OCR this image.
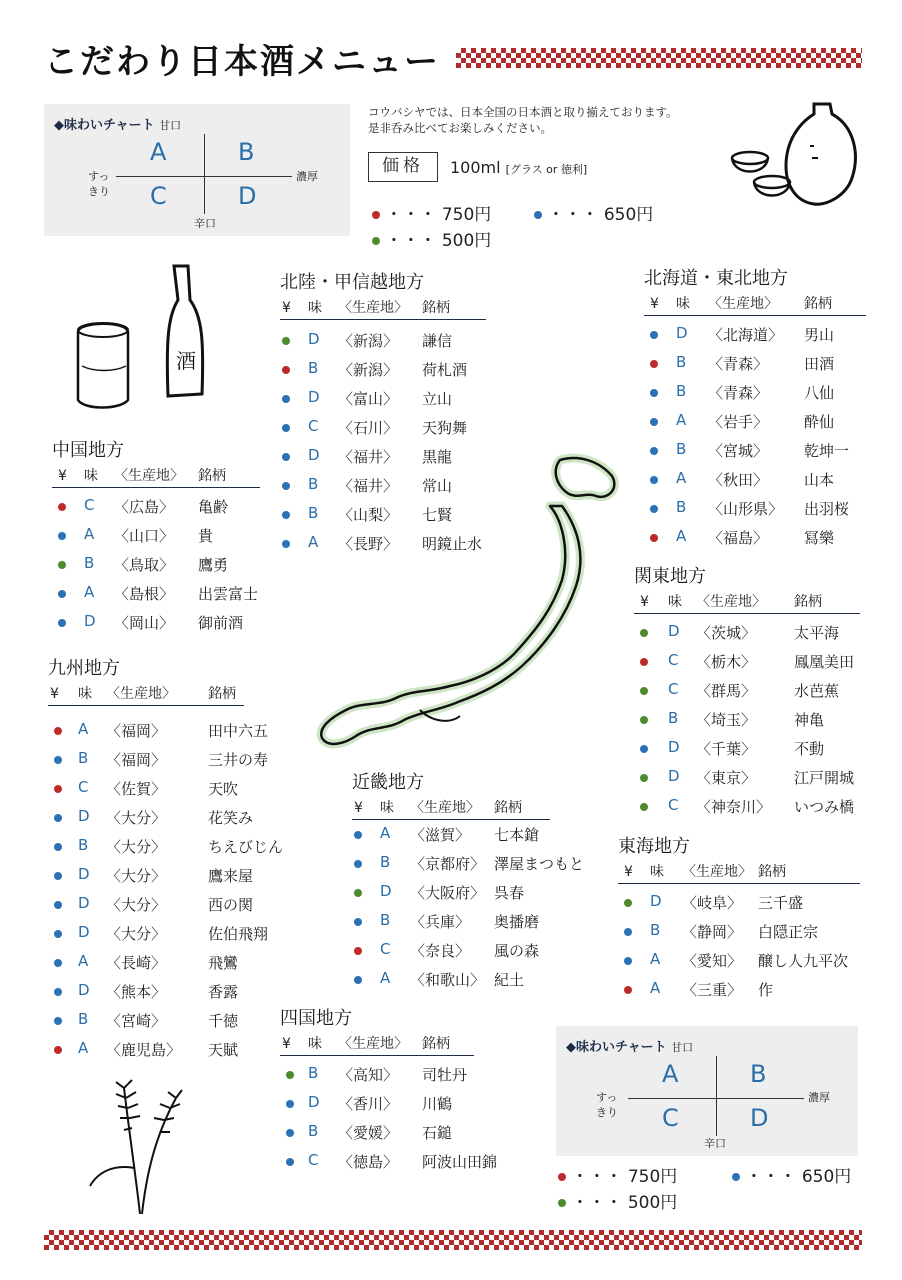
こだわり日本酒メニュー
◆味わいチャート 甘口
A	B
C	D
すっ
きり
濃厚
辛口
コウバシヤでは、日本全国の日本酒と取り揃えております。
是非呑み比べてお楽しみください。
価格	100ml [グラス or 徳利]
・・・ 750円	・・・ 650円
・・・ 500円
酒
北陸・甲信越地方
¥ 味 〈生産地〉 銘柄
D 〈新潟〉 謙信
B 〈新潟〉 荷札酒
D 〈富山〉 立山
C 〈石川〉 天狗舞
D 〈福井〉 黒龍
B 〈福井〉 常山
B 〈山梨〉 七賢
A 〈長野〉 明鏡止水
北海道・東北地方
¥ 味 〈生産地〉 銘柄
D 〈北海道〉 男山
B 〈青森〉 田酒
B 〈青森〉 八仙
A 〈岩手〉 酔仙
B 〈宮城〉 乾坤一
A 〈秋田〉 山本
B 〈山形県〉 出羽桜
A 〈福島〉 冩樂
中国地方
¥ 味 〈生産地〉 銘柄
C 〈広島〉 亀齢
A 〈山口〉 貴
B 〈鳥取〉 鷹勇
A 〈島根〉 出雲富士
D 〈岡山〉 御前酒
九州地方
¥ 味 〈生産地〉 銘柄
A 〈福岡〉	田中六五
B 〈福岡〉	三井の寿
C 〈佐賀〉	天吹
D 〈大分〉	花笑み
B 〈大分〉	ちえびじん
D 〈大分〉	鷹来屋
D 〈大分〉	西の関
D 〈大分〉	佐伯飛翔
A 〈長崎〉	飛鸞
D 〈熊本〉	香露
B 〈宮崎〉	千徳
A 〈鹿児島〉 天賦
関東地方
¥ 味 〈生産地〉 銘柄
D 〈茨城〉	太平海
C 〈栃木〉	鳳凰美田
C 〈群馬〉	水芭蕉
B 〈埼玉〉	神亀
D 〈千葉〉	不動
D 〈東京〉	江戸開城
C 〈神奈川〉 いつみ橋
近畿地方
¥ 味 〈生産地〉 銘柄
A 〈滋賀〉 七本鎗
B 〈京都府〉 澤屋まつもと
D 〈大阪府〉 呉春
B 〈兵庫〉 奥播磨
C 〈奈良〉 風の森
A 〈和歌山〉 紀土
東海地方
¥ 味 〈生産地〉 銘柄
D 〈岐阜〉 三千盛
B 〈静岡〉 白隠正宗
A 〈愛知〉 醸し人九平次
A 〈三重〉 作
四国地方
¥ 味 〈生産地〉 銘柄
B 〈高知〉 司牡丹
D 〈香川〉 川鶴
B 〈愛媛〉 石鎚
C 〈徳島〉 阿波山田錦
◆味わいチャート 甘口
A	B
C	D
すっ
きり
濃厚
辛口
・・・ 750円	・・・ 650円
・・・ 500円
